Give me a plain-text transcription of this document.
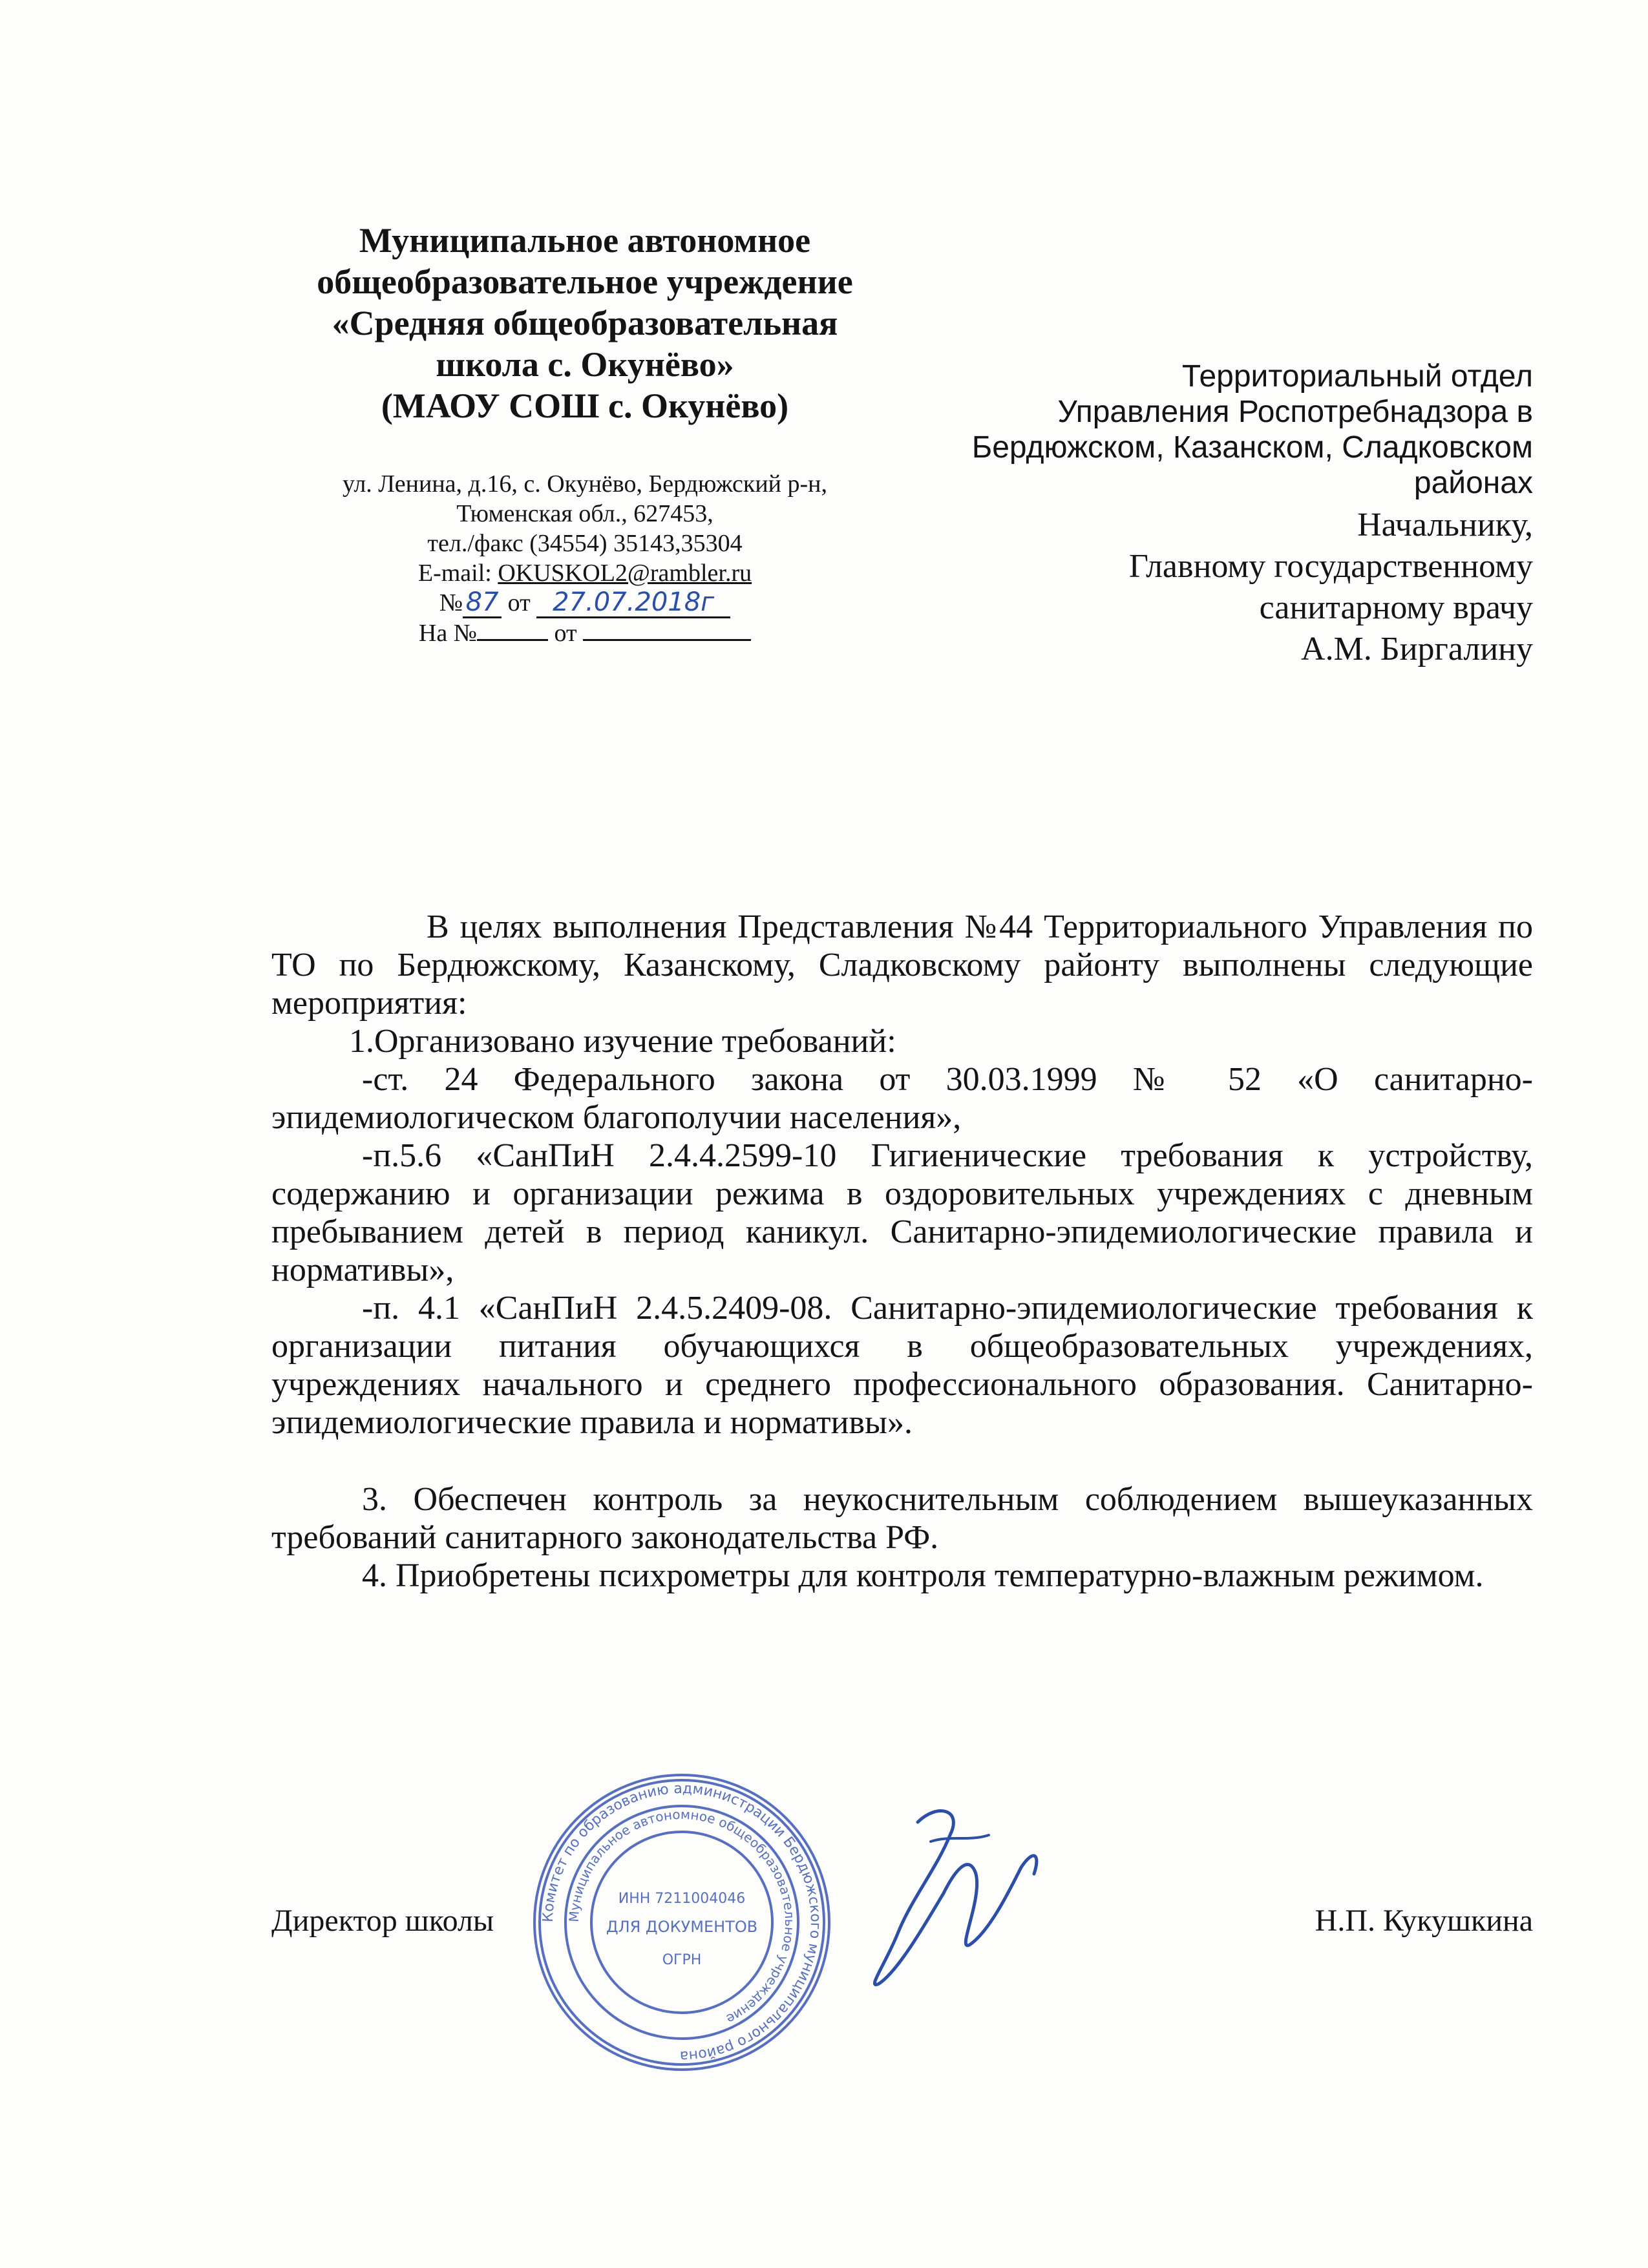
Муниципальное автономное
общеобразовательное учреждение
«Средняя общеобразовательная
школа с. Окунёво»
(МАОУ СОШ с. Окунёво)
ул. Ленина, д.16, с. Окунёво, Бердюжский р-н,
Тюменская обл., 627453,
тел./факс (34554) 35143,35304
E-mail: OKUSKOL2@rambler.ru
№ 87 от 27.07.2018г
На №	от
Территориальный отдел
Управления Роспотребнадзора в
Бердюжском, Казанском, Сладковском
районах
Начальнику,
Главному государственному
санитарному врачу
А.М. Биргалину

В целях выполнения Представления №44 Территориального Управления по ТО по Бердюжскому, Казанскому, Сладковскому районту выполнены следующие мероприятия:

1.Организовано изучение требований:

-ст. 24 Федерального закона от 30.03.1999 № 52 «О санитарно-эпидемиологическом благополучии населения»,

-п.5.6 «СанПиН 2.4.4.2599-10 Гигиенические требования к устройству, содержанию и организации режима в оздоровительных учреждениях с дневным пребыванием детей в период каникул. Санитарно-эпидемиологические правила и нормативы»,

-п. 4.1 «СанПиН 2.4.5.2409-08. Санитарно-эпидемиологические требования к организации питания обучающихся в общеобразовательных учреждениях, учреждениях начального и среднего профессионального образования. Санитарно-эпидемиологические правила и нормативы».

3. Обеспечен контроль за неукоснительным соблюдением вышеуказанных требований санитарного законодательства РФ.

4. Приобретены психрометры для контроля температурно-влажным режимом.

Комитет по образованию администрации Бердюжского муниципального района
Муниципальное автономное общеобразовательное учреждение
ИНН 7211004046
ДЛЯ ДОКУМЕНТОВ
ОГРН
Директор школы	Н.П. Кукушкина
